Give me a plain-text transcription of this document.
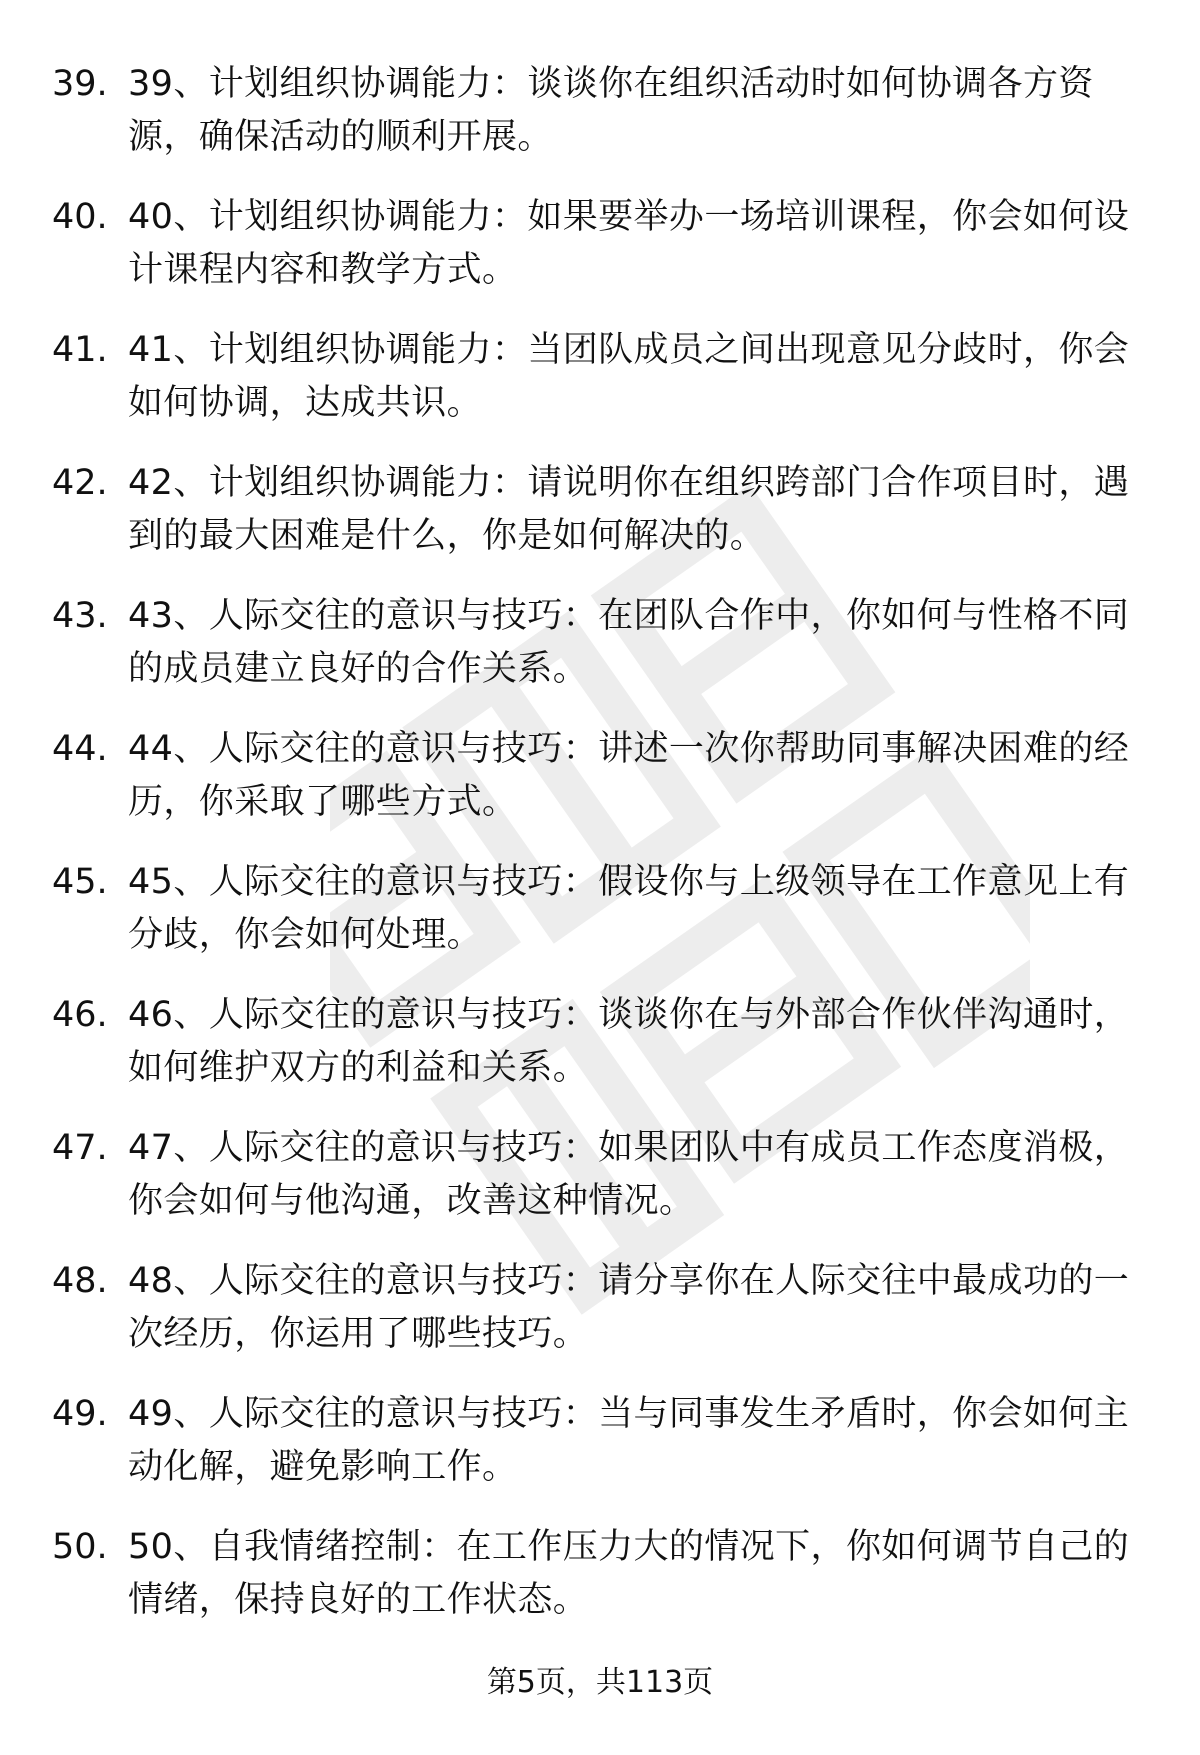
39. 39、计划组织协调能力：谈谈你在组织活动时如何协调各方资源，确保活动的顺利开展。
40. 40、计划组织协调能力：如果要举办一场培训课程，你会如何设计课程内容和教学方式。
41. 41、计划组织协调能力：当团队成员之间出现意见分歧时，你会如何协调，达成共识。
42. 42、计划组织协调能力：请说明你在组织跨部门合作项目时，遇到的最大困难是什么，你是如何解决的。
43. 43、人际交往的意识与技巧：在团队合作中，你如何与性格不同的成员建立良好的合作关系。
44. 44、人际交往的意识与技巧：讲述一次你帮助同事解决困难的经历，你采取了哪些方式。
45. 45、人际交往的意识与技巧：假设你与上级领导在工作意见上有分歧，你会如何处理。
46. 46、人际交往的意识与技巧：谈谈你在与外部合作伙伴沟通时，如何维护双方的利益和关系。
47. 47、人际交往的意识与技巧：如果团队中有成员工作态度消极，你会如何与他沟通，改善这种情况。
48. 48、人际交往的意识与技巧：请分享你在人际交往中最成功的一次经历，你运用了哪些技巧。
49. 49、人际交往的意识与技巧：当与同事发生矛盾时，你会如何主动化解，避免影响工作。
50. 50、自我情绪控制：在工作压力大的情况下，你如何调节自己的情绪，保持良好的工作状态。
第5页，共113页
